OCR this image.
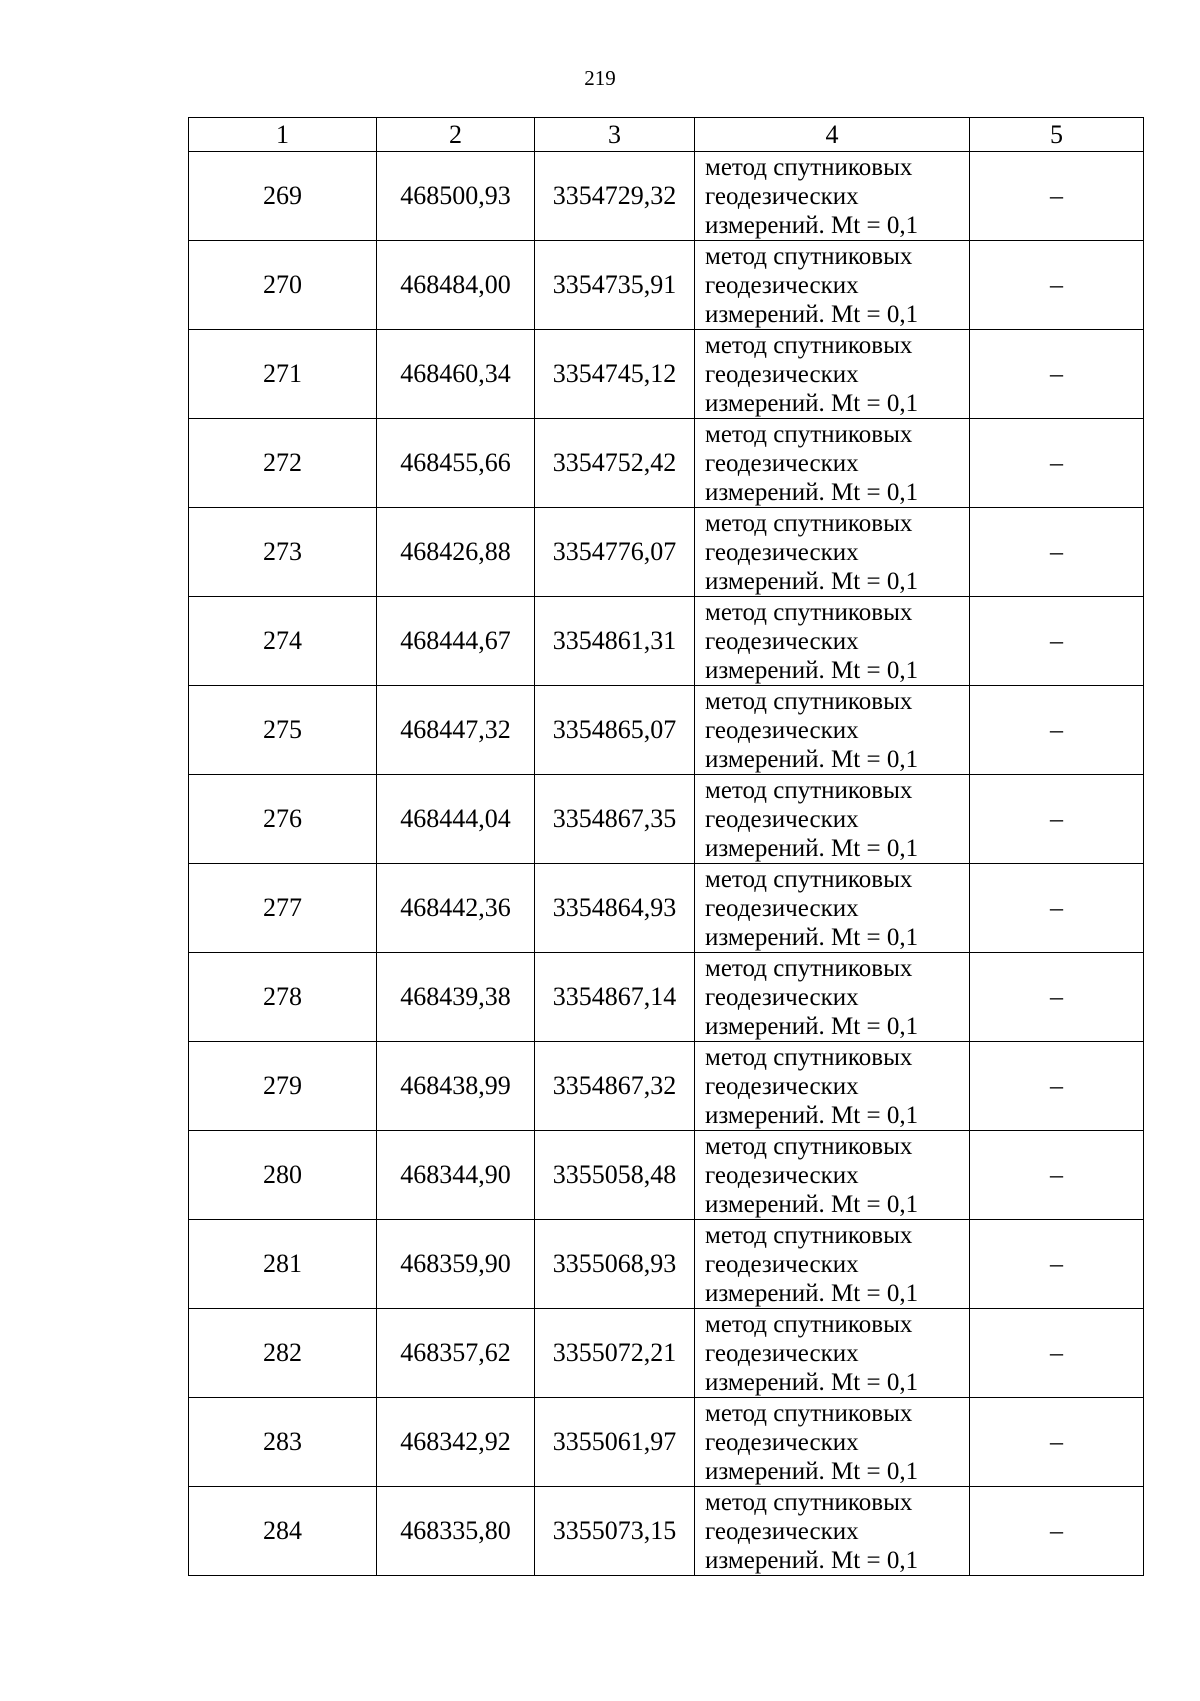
219
1	2	3	4	5
269	468500,93	3354729,32	метод спутниковых
геодезических
измерений. Mt = 0,1	–
270	468484,00	3354735,91	метод спутниковых
геодезических
измерений. Mt = 0,1	–
271	468460,34	3354745,12	метод спутниковых
геодезических
измерений. Mt = 0,1	–
272	468455,66	3354752,42	метод спутниковых
геодезических
измерений. Mt = 0,1	–
273	468426,88	3354776,07	метод спутниковых
геодезических
измерений. Mt = 0,1	–
274	468444,67	3354861,31	метод спутниковых
геодезических
измерений. Mt = 0,1	–
275	468447,32	3354865,07	метод спутниковых
геодезических
измерений. Mt = 0,1	–
276	468444,04	3354867,35	метод спутниковых
геодезических
измерений. Mt = 0,1	–
277	468442,36	3354864,93	метод спутниковых
геодезических
измерений. Mt = 0,1	–
278	468439,38	3354867,14	метод спутниковых
геодезических
измерений. Mt = 0,1	–
279	468438,99	3354867,32	метод спутниковых
геодезических
измерений. Mt = 0,1	–
280	468344,90	3355058,48	метод спутниковых
геодезических
измерений. Mt = 0,1	–
281	468359,90	3355068,93	метод спутниковых
геодезических
измерений. Mt = 0,1	–
282	468357,62	3355072,21	метод спутниковых
геодезических
измерений. Mt = 0,1	–
283	468342,92	3355061,97	метод спутниковых
геодезических
измерений. Mt = 0,1	–
284	468335,80	3355073,15	метод спутниковых
геодезических
измерений. Mt = 0,1	–
